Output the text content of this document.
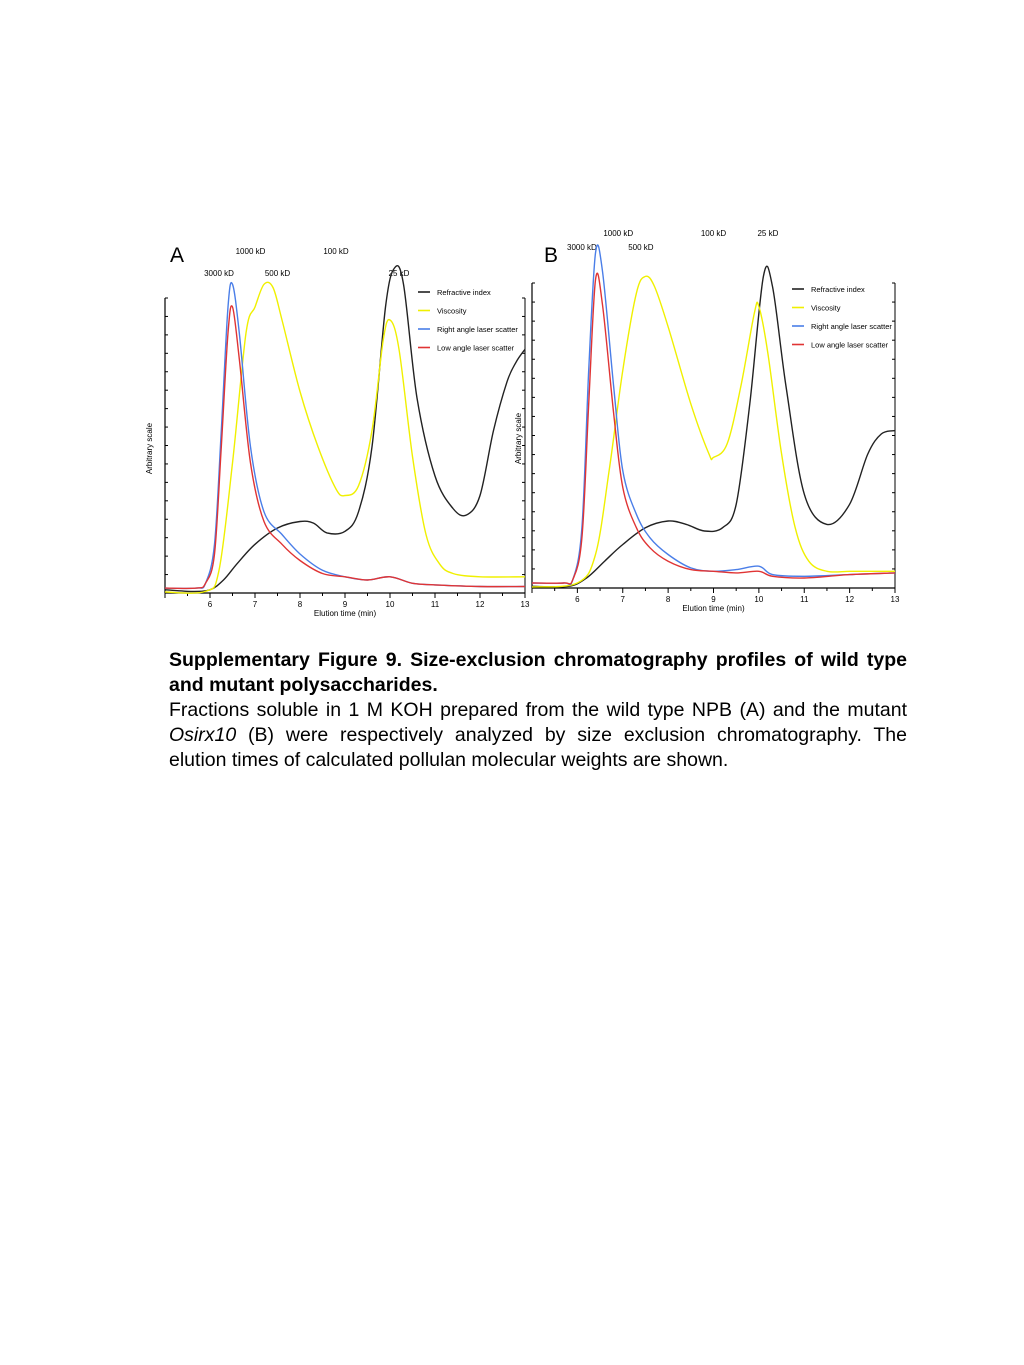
6	7	8	9	10	11	12	13
Elution time (min)
Arbitrary scale
A
3000 kD
1000 kD
500 kD
100 kD
25 kD
Refractive index
Viscosity
Right angle laser scatter
Low angle laser scatter
6	7	8	9	10	11	12	13
Elution time (min)
Arbitrary scale
B 3000 kD
1000 kD
500 kD
100 kD	25 kD
Refractive index
Viscosity
Right angle laser scatter
Low angle laser scatter

Supplementary Figure 9. Size-exclusion chromatography profiles of wild type and mutant polysaccharides.

Fractions soluble in 1 M KOH prepared from the wild type NPB (A) and the mutant Osirx10 (B) were respectively analyzed by size exclusion chromatography. The elution times of calculated pollulan molecular weights are shown.
